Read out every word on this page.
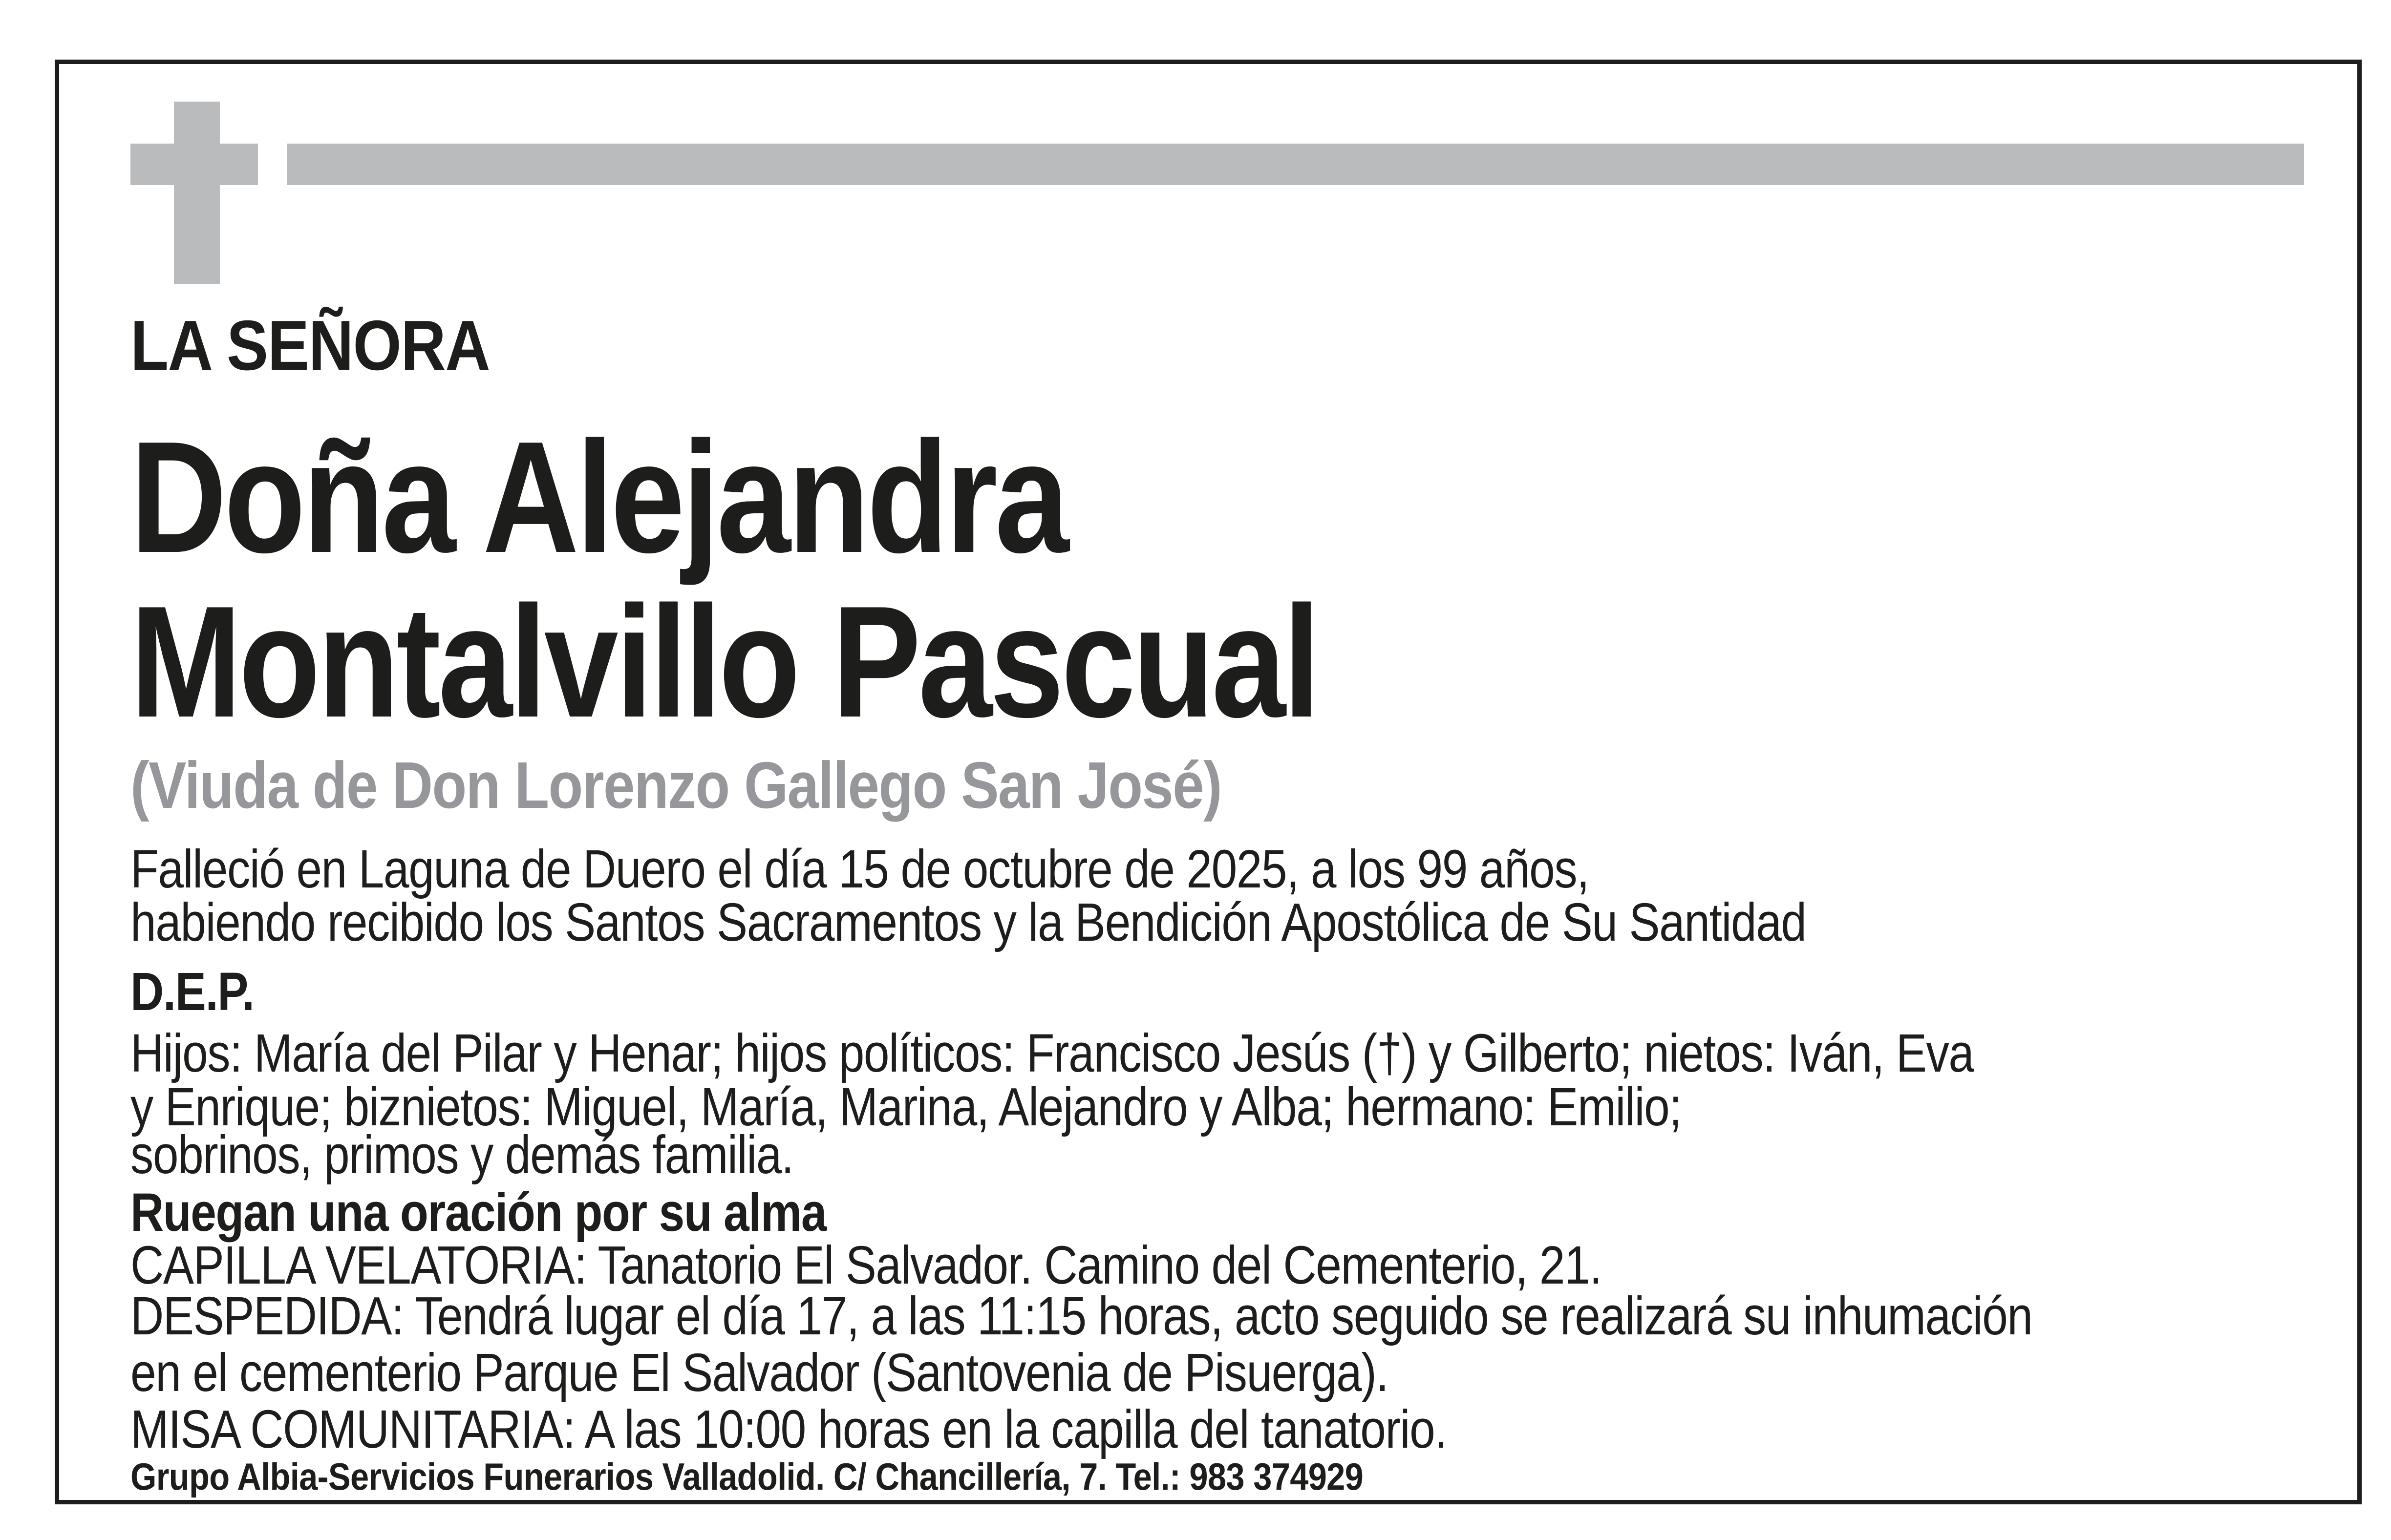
LA SEÑORA
Doña Alejandra
Montalvillo Pascual
(Viuda de Don Lorenzo Gallego San José)
Falleció en Laguna de Duero el día 15 de octubre de 2025, a los 99 años,
habiendo recibido los Santos Sacramentos y la Bendición Apostólica de Su Santidad
D.E.P.
Hijos: María del Pilar y Henar; hijos políticos: Francisco Jesús (†) y Gilberto; nietos: Iván, Eva
y Enrique; biznietos: Miguel, María, Marina, Alejandro y Alba; hermano: Emilio;
sobrinos, primos y demás familia.
Ruegan una oración por su alma
CAPILLA VELATORIA: Tanatorio El Salvador. Camino del Cementerio, 21.
DESPEDIDA: Tendrá lugar el día 17, a las 11:15 horas, acto seguido se realizará su inhumación
en el cementerio Parque El Salvador (Santovenia de Pisuerga).
MISA COMUNITARIA: A las 10:00 horas en la capilla del tanatorio.
Grupo Albia-Servicios Funerarios Valladolid. C/ Chancillería, 7. Tel.: 983 374929
